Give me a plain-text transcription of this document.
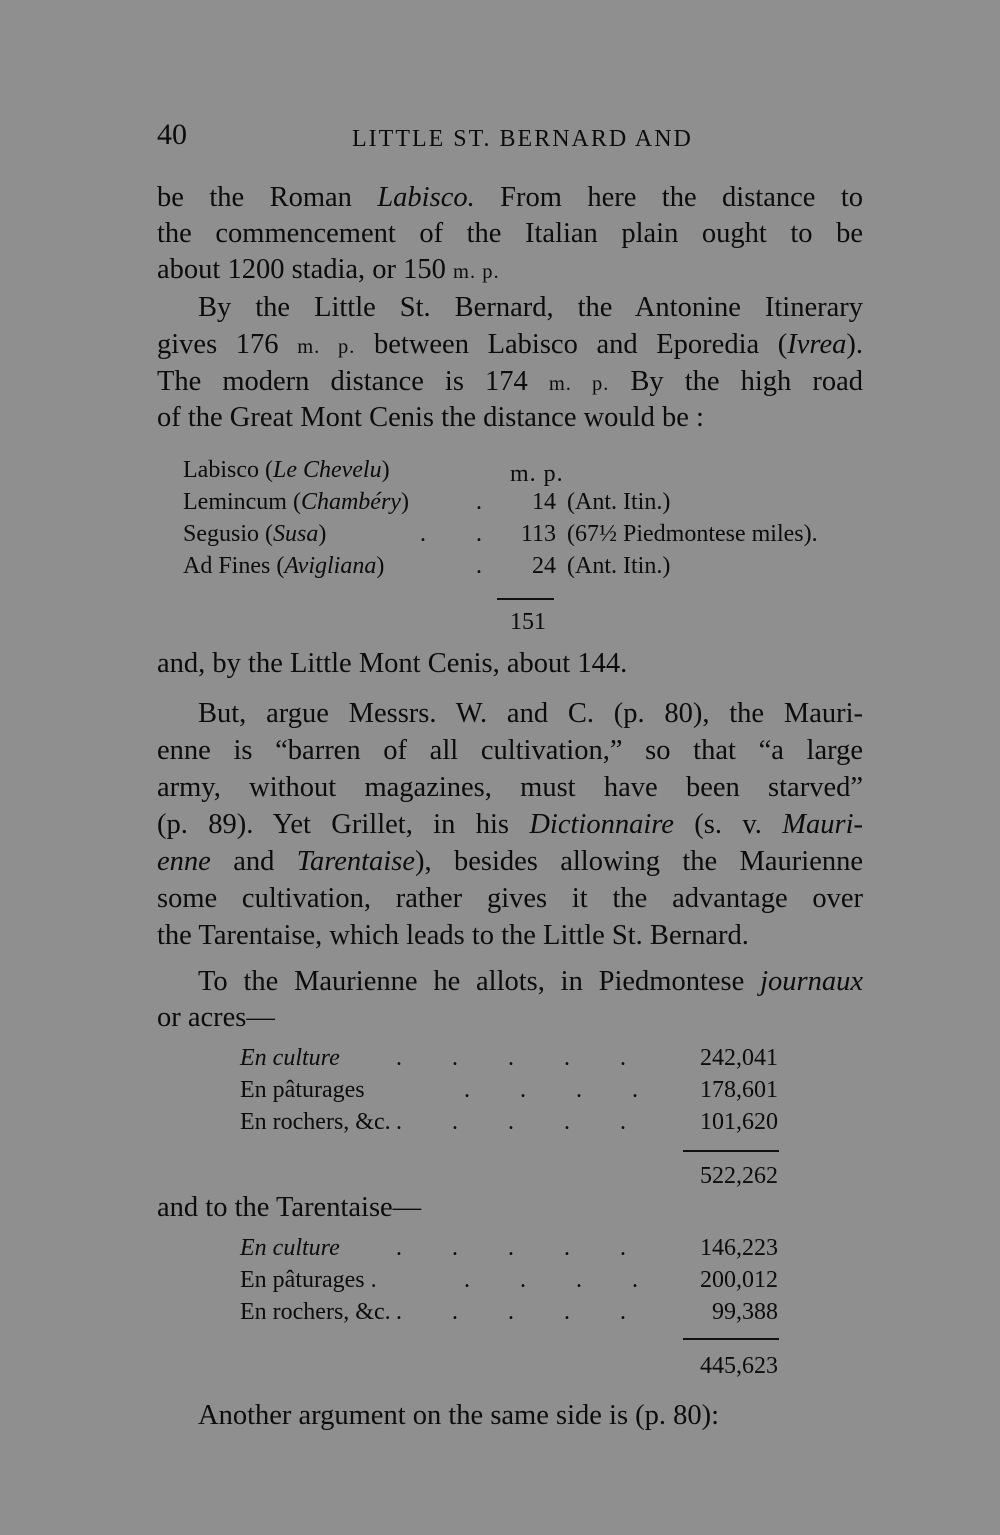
40	LITTLE ST. BERNARD AND
be the Roman Labisco. From here the distance to
the commencement of the Italian plain ought to be
about 1200 stadia, or 150 m. p.
By the Little St. Bernard, the Antonine Itinerary
gives 176 m. p. between Labisco and Eporedia (Ivrea).
The modern distance is 174 m. p. By the high road
of the Great Mont Cenis the distance would be :
m. p.
Labisco (Le Chevelu)
Lemincum (Chambéry)	. 14 (Ant. Itin.)
Segusio (Susa)	. . 113 (67½ Piedmontese miles).
Ad Fines (Avigliana)	. 24 (Ant. Itin.)
151
and, by the Little Mont Cenis, about 144.
But, argue Messrs. W. and C. (p. 80), the Mauri-
enne is “barren of all cultivation,” so that “a large
army, without magazines, must have been starved”
(p. 89). Yet Grillet, in his Dictionnaire (s. v. Mauri-
enne and Tarentaise), besides allowing the Maurienne
some cultivation, rather gives it the advantage over
the Tarentaise, which leads to the Little St. Bernard.
To the Maurienne he allots, in Piedmontese journaux
or acres—
En culture . . . . .	242,041
En pâturages	. . . .	178,601
En rochers, &c. . . . . .	101,620
522,262
and to the Tarentaise—
En culture . . . . .	146,223
En pâturages .	. . . .	200,012
En rochers, &c. . . . . .	99,388
445,623
Another argument on the same side is (p. 80):
